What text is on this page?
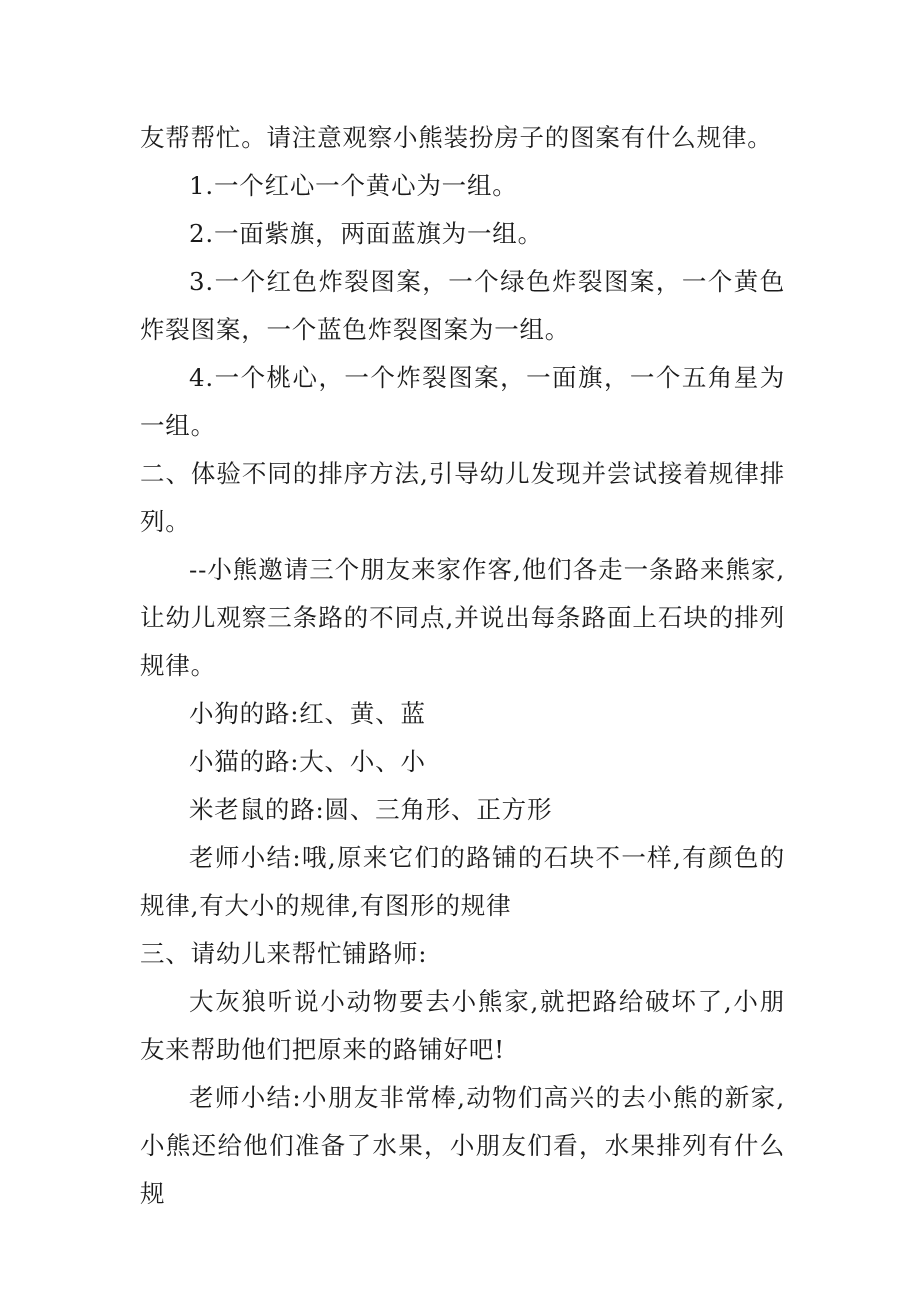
友帮帮忙。请注意观察小熊装扮房子的图案有什么规律。

1.一个红心一个黄心为一组。

2.一面紫旗，两面蓝旗为一组。

3.一个红色炸裂图案，一个绿色炸裂图案，一个黄色炸裂图案，一个蓝色炸裂图案为一组。

4.一个桃心，一个炸裂图案，一面旗，一个五角星为一组。

二、体验不同的排序方法,引导幼儿发现并尝试接着规律排列。

--小熊邀请三个朋友来家作客,他们各走一条路来熊家,让幼儿观察三条路的不同点,并说出每条路面上石块的排列规律。

小狗的路:红、黄、蓝

小猫的路:大、小、小

米老鼠的路:圆、三角形、正方形

老师小结:哦,原来它们的路铺的石块不一样,有颜色的规律,有大小的规律,有图形的规律

三、请幼儿来帮忙铺路师:

大灰狼听说小动物要去小熊家,就把路给破坏了,小朋友来帮助他们把原来的路铺好吧!

老师小结:小朋友非常棒,动物们高兴的去小熊的新家,小熊还给他们准备了水果，小朋友们看，水果排列有什么规
